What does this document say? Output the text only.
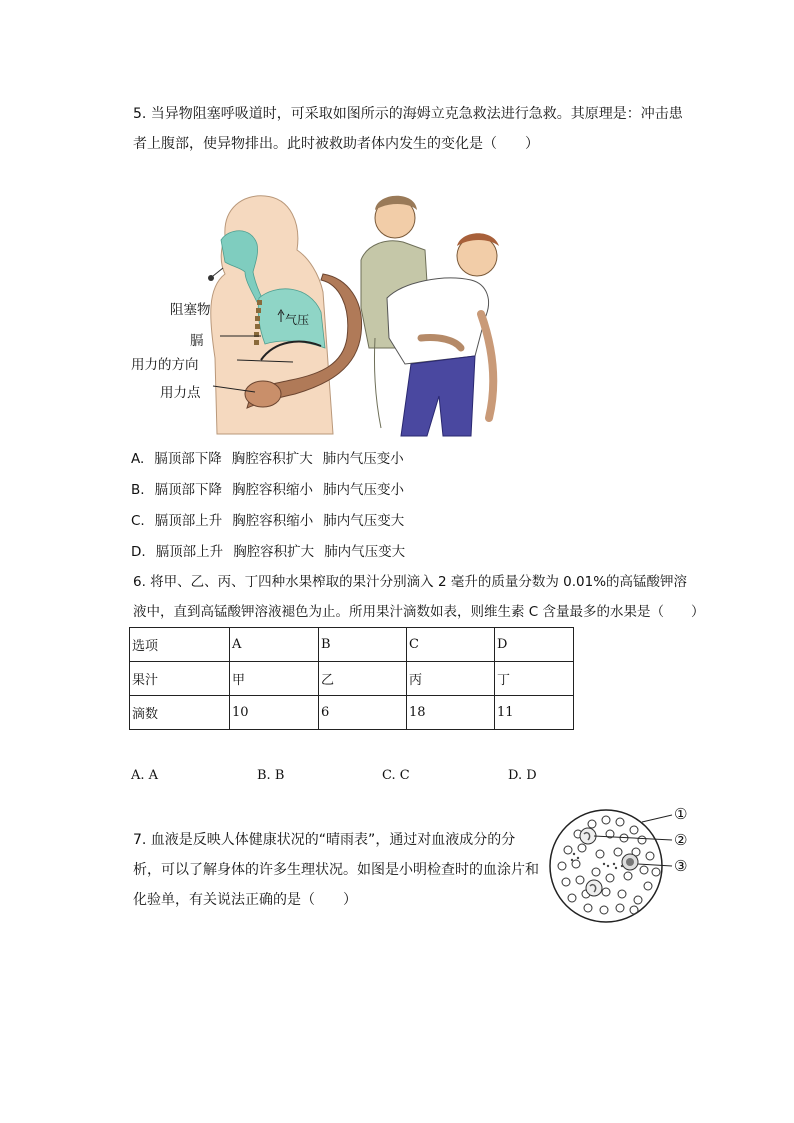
5. 当异物阻塞呼吸道时，可采取如图所示的海姆立克急救法进行急救。其原理是：冲击患
者上腹部，使异物排出。此时被救助者体内发生的变化是（　　）
阻塞物
气压
膈
用力的方向
用力点
A. 膈顶部下降 胸腔容积扩大 肺内气压变小
B. 膈顶部下降 胸腔容积缩小 肺内气压变小
C. 膈顶部上升 胸腔容积缩小 肺内气压变大
D. 膈顶部上升 胸腔容积扩大 肺内气压变大
6. 将甲、乙、丙、丁四种水果榨取的果汁分别滴入 2 毫升的质量分数为 0.01%的高锰酸钾溶
液中，直到高锰酸钾溶液褪色为止。所用果汁滴数如表，则维生素 C 含量最多的水果是（　　）
选项	A	B	C	D
果汁	甲	乙	丙	丁
滴数	10	6	18	11
A. A	B. B	C. C	D. D
7. 血液是反映人体健康状况的“晴雨表”，通过对血液成分的分
析，可以了解身体的许多生理状况。如图是小明检查时的血涂片和
化验单，有关说法正确的是（　　）
①
②
③
